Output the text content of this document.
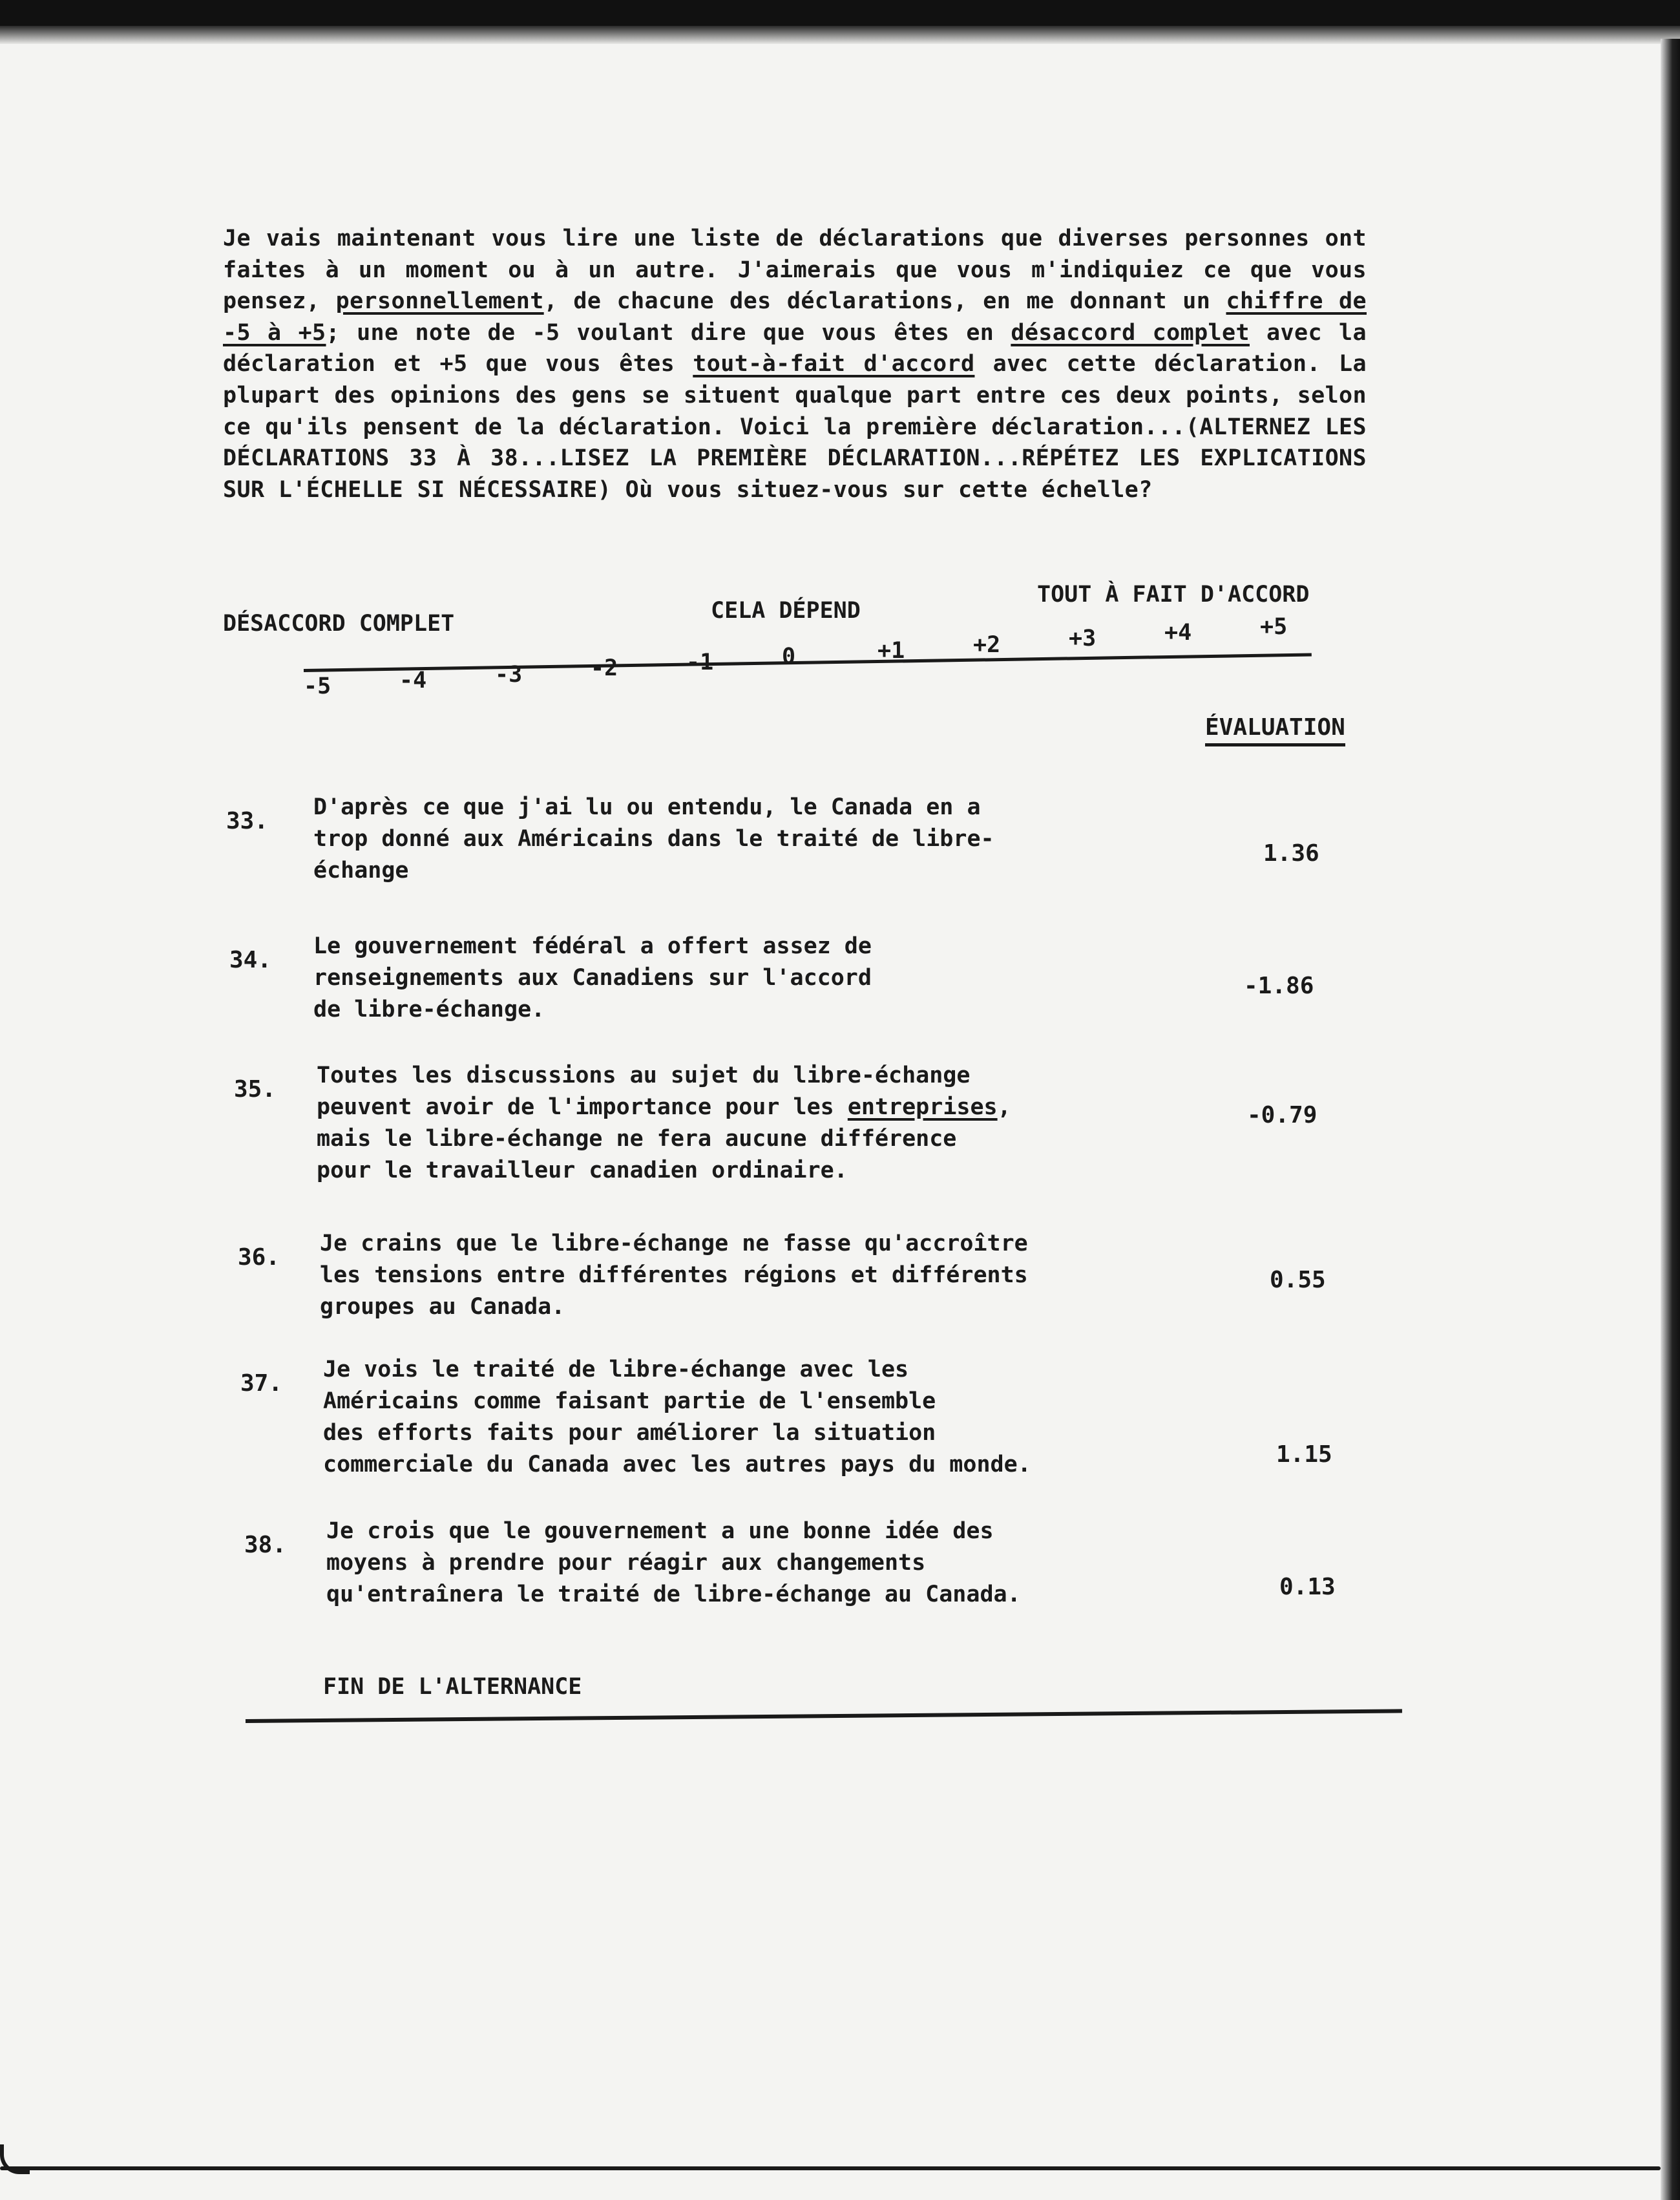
Je vais maintenant vous lire une liste de déclarations que diverses personnes ont faites à un moment ou à un autre. J'aimerais que vous m'indiquiez ce que vous pensez, personnellement, de chacune des déclarations, en me donnant un chiffre de -5 à +5; une note de -5 voulant dire que vous êtes en désaccord complet avec la déclaration et +5 que vous êtes tout-à-fait d'accord avec cette déclaration. La plupart des opinions des gens se situent qualque part entre ces deux points, selon ce qu'ils pensent de la déclaration. Voici la première déclaration...(ALTERNEZ LES DÉCLARATIONS 33 À 38...LISEZ LA PREMIÈRE DÉCLARATION...RÉPÉTEZ LES EXPLICATIONS SUR L'ÉCHELLE SI NÉCESSAIRE) Où vous situez-vous sur cette échelle?

DÉSACCORD COMPLET	CELA DÉPEND
TOUT À FAIT D'ACCORD
-5	-4	-3	-2	-1	0	+1	+2	+3	+4	+5
ÉVALUATION
33.
D'après ce que j'ai lu ou entendu, le Canada en a
trop donné aux Américains dans le traité de libre-
échange
1.36
34.
Le gouvernement fédéral a offert assez de
renseignements aux Canadiens sur l'accord
de libre-échange.
-1.86
35.
Toutes les discussions au sujet du libre-échange
peuvent avoir de l'importance pour les entreprises,
mais le libre-échange ne fera aucune différence
pour le travailleur canadien ordinaire.
-0.79
36.
Je crains que le libre-échange ne fasse qu'accroître
les tensions entre différentes régions et différents
groupes au Canada.
0.55
37.
Je vois le traité de libre-échange avec les
Américains comme faisant partie de l'ensemble
des efforts faits pour améliorer la situation
commerciale du Canada avec les autres pays du monde.	1.15
38.
Je crois que le gouvernement a une bonne idée des
moyens à prendre pour réagir aux changements
qu'entraînera le traité de libre-échange au Canada.	0.13
FIN DE L'ALTERNANCE
